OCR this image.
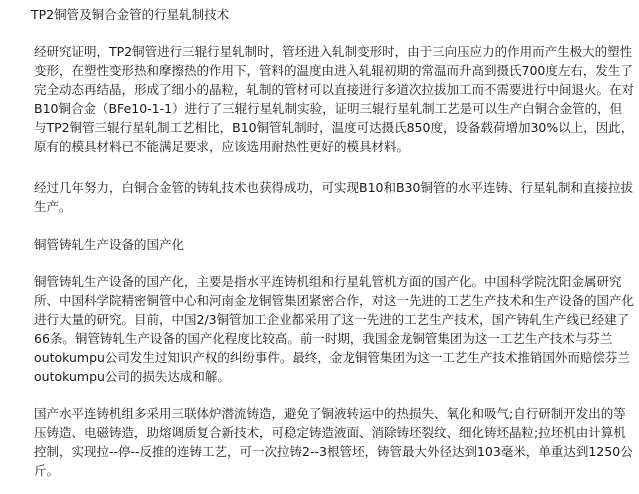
TP2铜管及铜合金管的行星轧制技术

经研究证明，TP2铜管进行三辊行星轧制时，管坯进入轧制变形时，由于三向压应力的作用而产生极大的塑性变形，在塑性变形热和摩擦热的作用下，管料的温度由进入轧辊初期的常温而升高到摄氏700度左右，发生了完全动态再结晶，形成了细小的晶粒，轧制的管材可以直接进行多道次拉拔加工而不需要进行中间退火。在对B10铜合金（BFe10-1-1）进行了三辊行星轧制实验，证明三辊行星轧制工艺是可以生产白铜合金管的，但与TP2铜管三辊行星轧制工艺相比，B10铜管轧制时，温度可达摄氏850度，设备载荷增加30%以上，因此，原有的模具材料已不能满足要求，应该选用耐热性更好的模具材料。

经过几年努力，白铜合金管的铸轧技术也获得成功，可实现B10和B30铜管的水平连铸、行星轧制和直接拉拔生产。

铜管铸轧生产设备的国产化

铜管铸轧生产设备的国产化，主要是指水平连铸机组和行星轧管机方面的国产化。中国科学院沈阳金属研究所、中国科学院精密铜管中心和河南金龙铜管集团紧密合作，对这一先进的工艺生产技术和生产设备的国产化进行大量的研究。目前，中国2/3铜管加工企业都采用了这一先进的工艺生产技术，国产铸轧生产线已经建了66条。铜管铸轧生产设备的国产化程度比较高。前一时期，我国金龙铜管集团为这一工艺生产技术与芬兰outokumpu公司发生过知识产权的纠纷事件。最终，金龙铜管集团为这一工艺生产技术推销国外而赔偿芬兰outokumpu公司的损失达成和解。

国产水平连铸机组多采用三联体炉潜流铸造，避免了铜液转运中的热损失、氧化和吸气;自行研制开发出的等压铸造、电磁铸造，助熔调质复合新技术，可稳定铸造液面、消除铸坯裂纹、细化铸坯晶粒;拉坯机由计算机控制，实现拉--停--反推的连铸工艺，可一次拉铸2--3根管坯，铸管最大外径达到103毫米，单重达到1250公斤。
